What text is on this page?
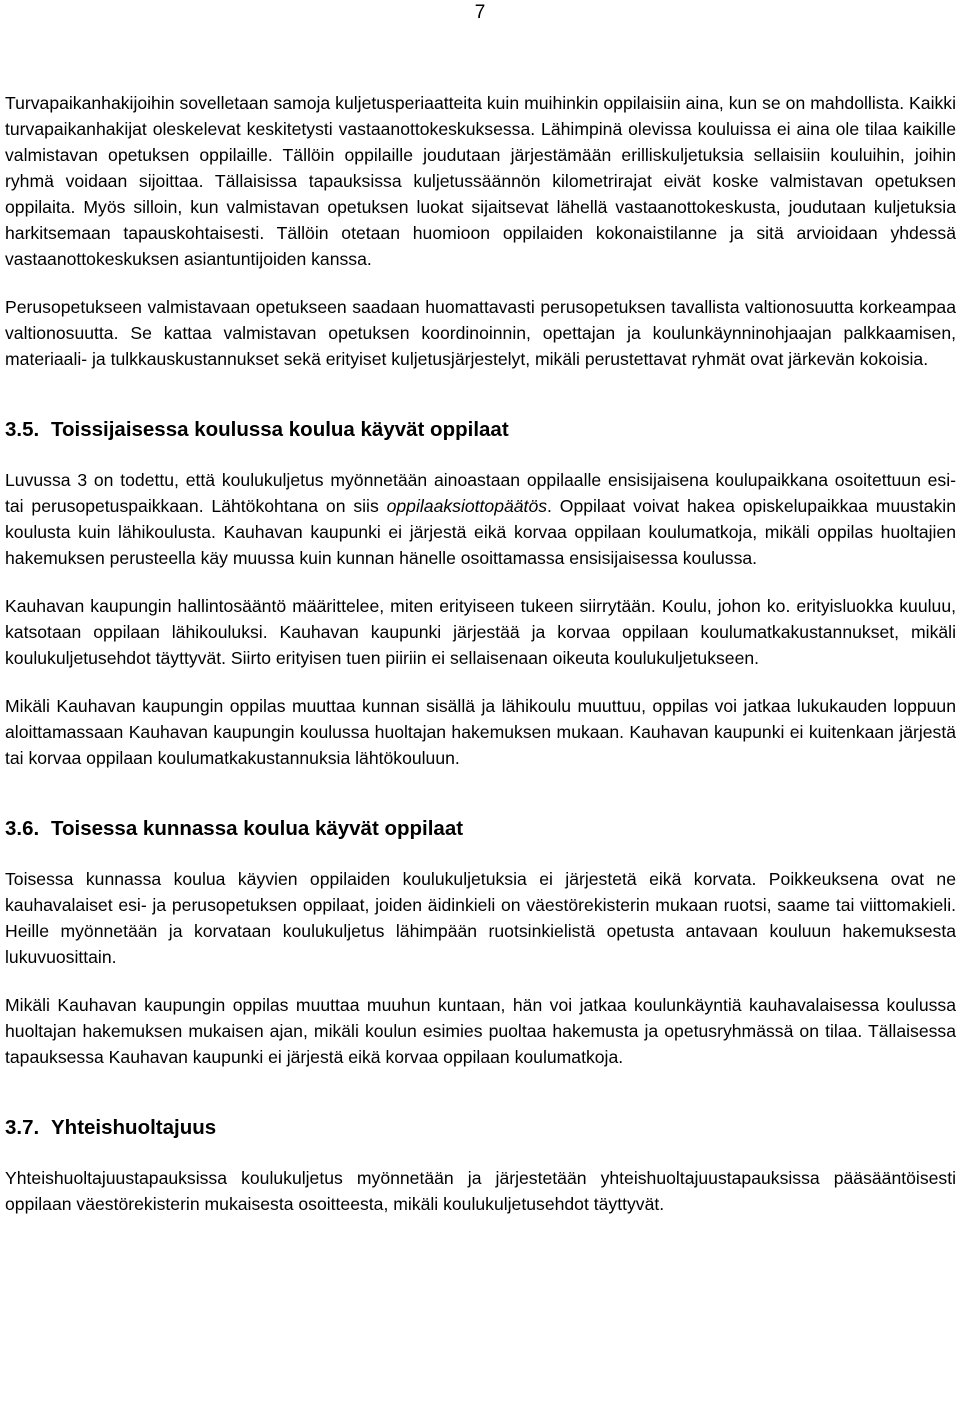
7

Turvapaikanhakijoihin sovelletaan samoja kuljetusperiaatteita kuin muihinkin oppilaisiin aina, kun se on mahdollista. Kaikki turvapaikanhakijat oleskelevat keskitetysti vastaanottokeskuksessa. Lähimpinä olevissa kouluissa ei aina ole tilaa kaikille valmistavan opetuksen oppilaille. Tällöin oppilaille joudutaan järjestämään erilliskuljetuksia sellaisiin kouluihin, joihin ryhmä voidaan sijoittaa. Tällaisissa tapauksissa kuljetussäännön kilometrirajat eivät koske valmistavan opetuksen oppilaita. Myös silloin, kun valmistavan opetuksen luokat sijaitsevat lähellä vastaanottokeskusta, joudutaan kuljetuksia harkitsemaan tapauskohtaisesti. Tällöin otetaan huomioon oppilaiden kokonaistilanne ja sitä arvioidaan yhdessä vastaanottokeskuksen asiantuntijoiden kanssa.

Perusopetukseen valmistavaan opetukseen saadaan huomattavasti perusopetuksen tavallista valtionosuutta korkeampaa valtionosuutta. Se kattaa valmistavan opetuksen koordinoinnin, opettajan ja koulunkäynninohjaajan palkkaamisen, materiaali- ja tulkkauskustannukset sekä erityiset kuljetusjärjestelyt, mikäli perustettavat ryhmät ovat järkevän kokoisia.

3.5. Toissijaisessa koulussa koulua käyvät oppilaat

Luvussa 3 on todettu, että koulukuljetus myönnetään ainoastaan oppilaalle ensisijaisena koulupaikkana osoitettuun esi- tai perusopetuspaikkaan. Lähtökohtana on siis oppilaaksiottopäätös. Oppilaat voivat hakea opiskelupaikkaa muustakin koulusta kuin lähikoulusta. Kauhavan kaupunki ei järjestä eikä korvaa oppilaan koulumatkoja, mikäli oppilas huoltajien hakemuksen perusteella käy muussa kuin kunnan hänelle osoittamassa ensisijaisessa koulussa.

Kauhavan kaupungin hallintosääntö määrittelee, miten erityiseen tukeen siirrytään. Koulu, johon ko. erityisluokka kuuluu, katsotaan oppilaan lähikouluksi. Kauhavan kaupunki järjestää ja korvaa oppilaan koulumatkakustannukset, mikäli koulukuljetusehdot täyttyvät. Siirto erityisen tuen piiriin ei sellaisenaan oikeuta koulukuljetukseen.

Mikäli Kauhavan kaupungin oppilas muuttaa kunnan sisällä ja lähikoulu muuttuu, oppilas voi jatkaa lukukauden loppuun aloittamassaan Kauhavan kaupungin koulussa huoltajan hakemuksen mukaan. Kauhavan kaupunki ei kuitenkaan järjestä tai korvaa oppilaan koulumatkakustannuksia lähtökouluun.

3.6. Toisessa kunnassa koulua käyvät oppilaat

Toisessa kunnassa koulua käyvien oppilaiden koulukuljetuksia ei järjestetä eikä korvata. Poikkeuksena ovat ne kauhavalaiset esi- ja perusopetuksen oppilaat, joiden äidinkieli on väestörekisterin mukaan ruotsi, saame tai viittomakieli. Heille myönnetään ja korvataan koulukuljetus lähimpään ruotsinkielistä opetusta antavaan kouluun hakemuksesta lukuvuosittain.

Mikäli Kauhavan kaupungin oppilas muuttaa muuhun kuntaan, hän voi jatkaa koulunkäyntiä kauhavalaisessa koulussa huoltajan hakemuksen mukaisen ajan, mikäli koulun esimies puoltaa hakemusta ja opetusryhmässä on tilaa. Tällaisessa tapauksessa Kauhavan kaupunki ei järjestä eikä korvaa oppilaan koulumatkoja.

3.7. Yhteishuoltajuus

Yhteishuoltajuustapauksissa koulukuljetus myönnetään ja järjestetään yhteishuoltajuustapauksissa pääsääntöisesti oppilaan väestörekisterin mukaisesta osoitteesta, mikäli koulukuljetusehdot täyttyvät.
